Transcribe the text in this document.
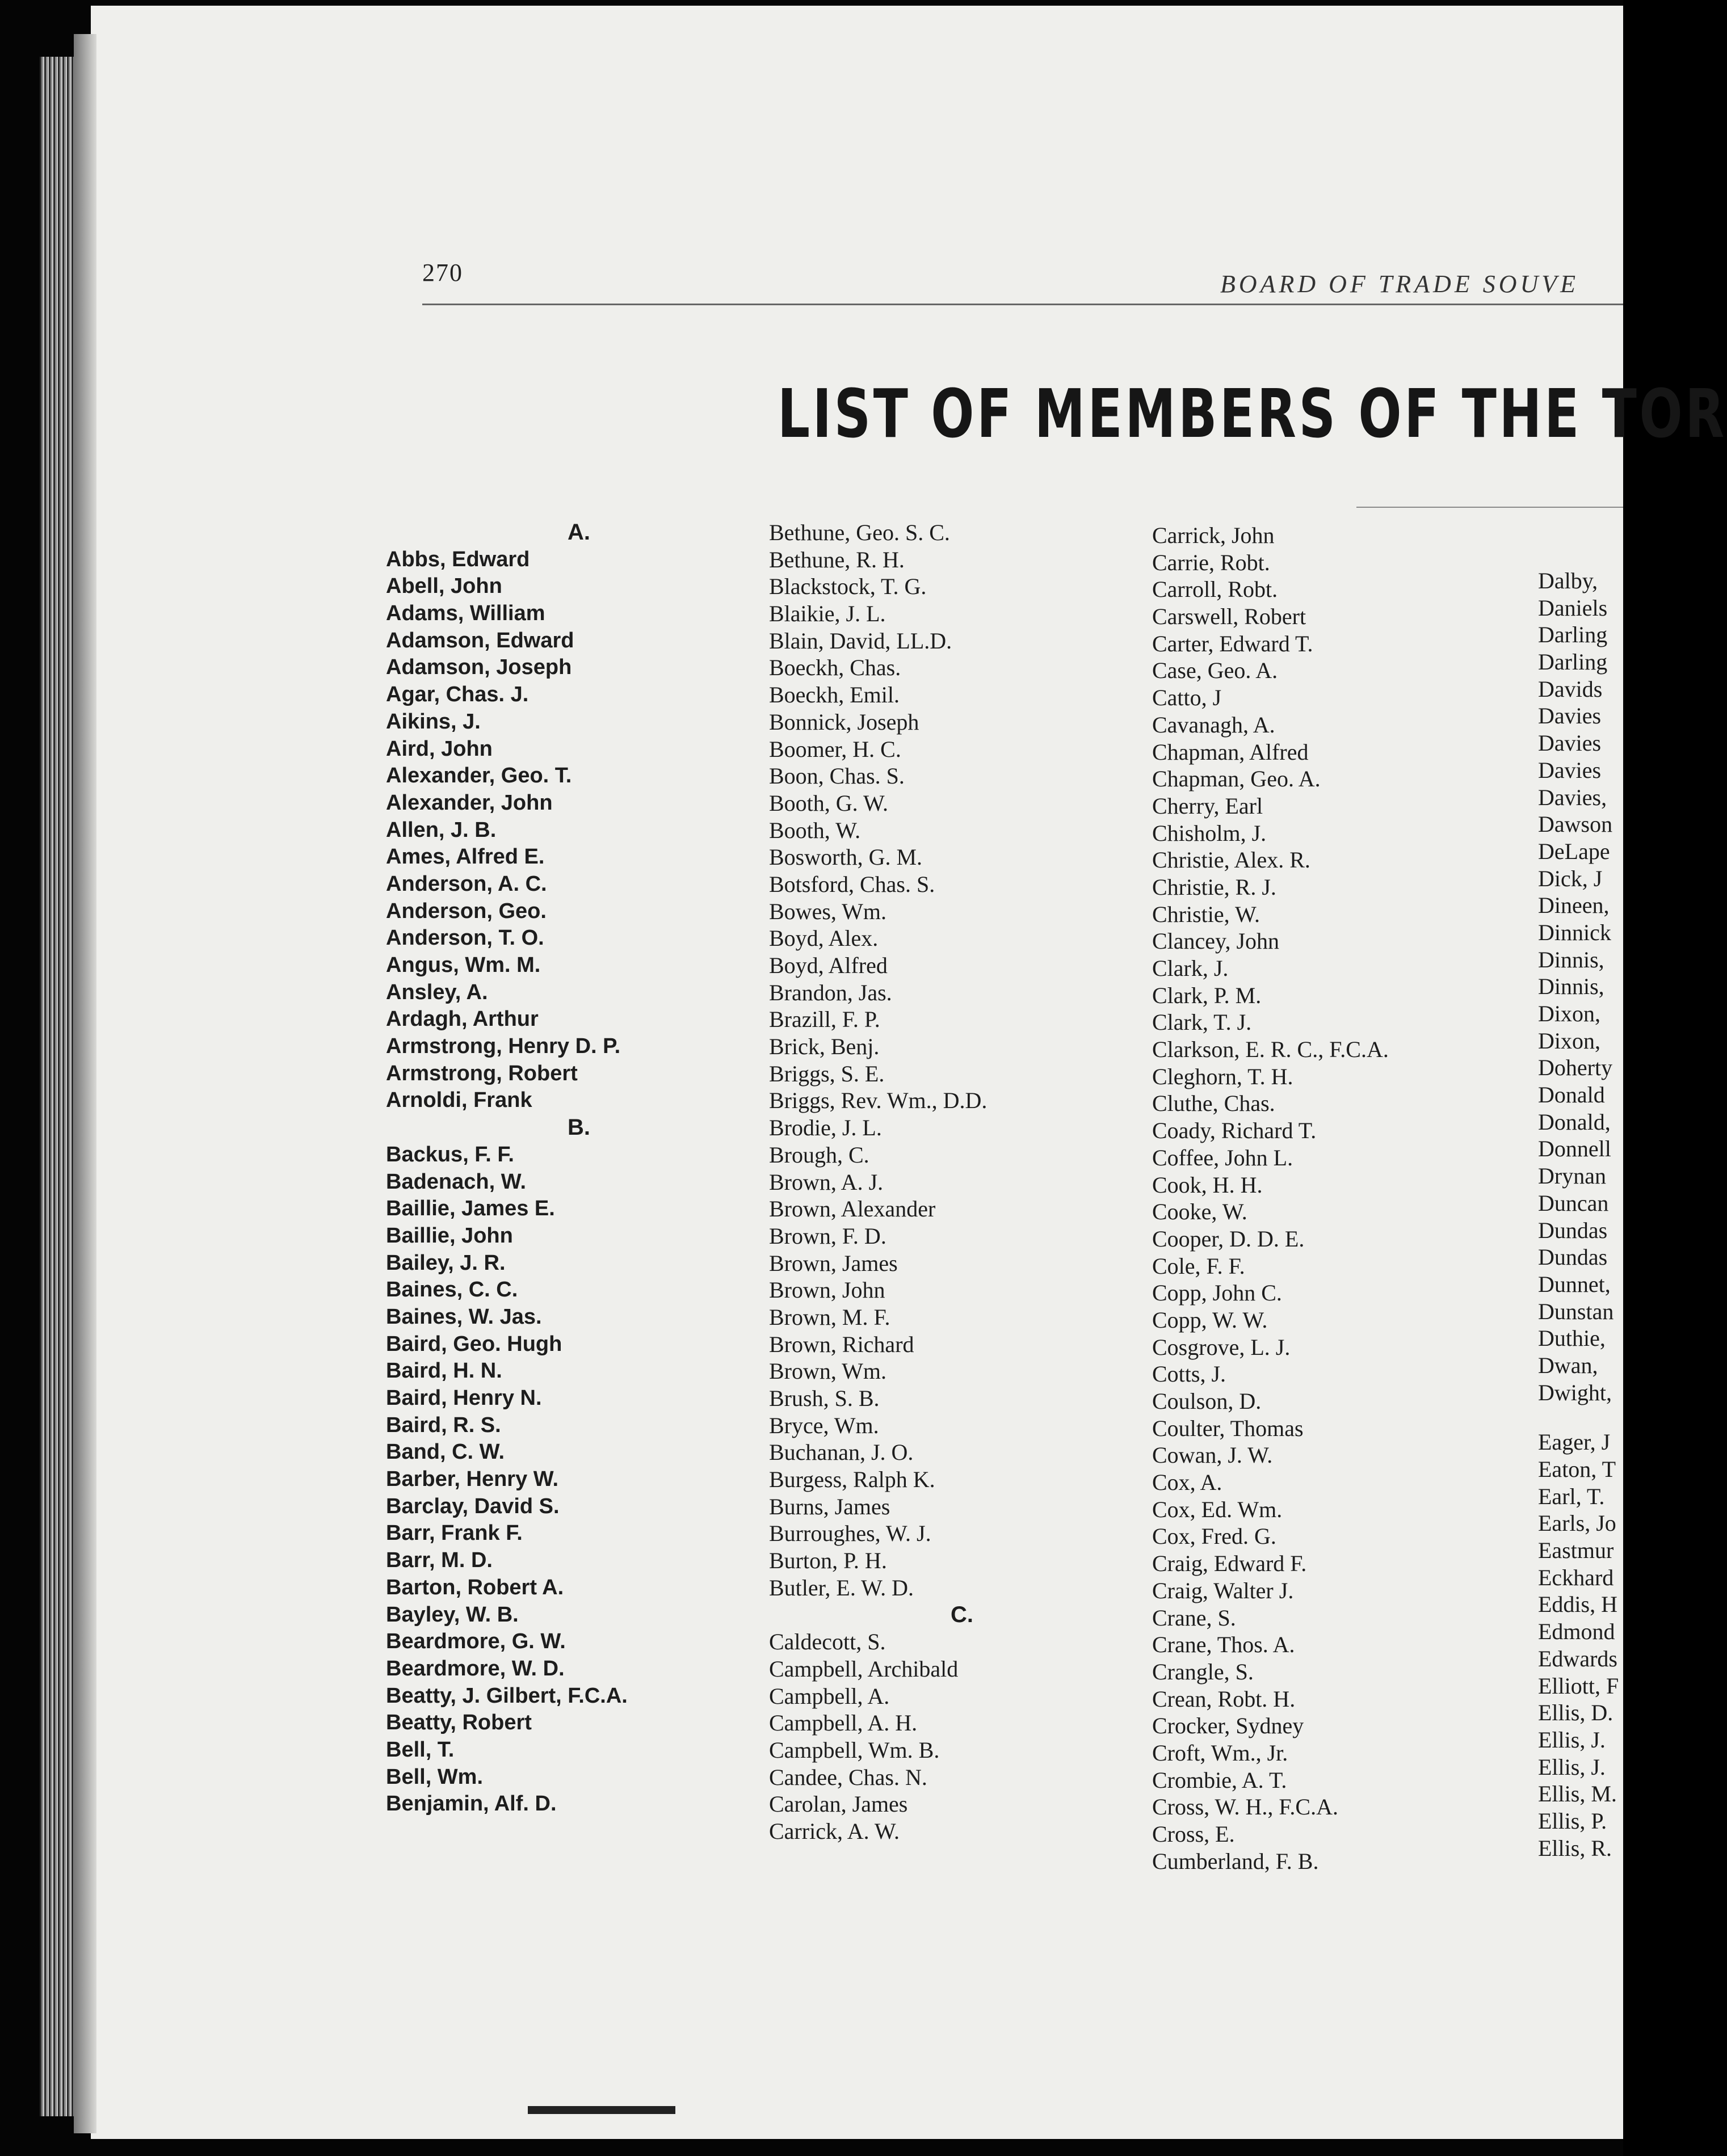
270	BOARD OF TRADE SOUVE
LIST OF MEMBERS OF THE TOR
A.
Abbs, Edward
Abell, John
Adams, William
Adamson, Edward
Adamson, Joseph
Agar, Chas. J.
Aikins, J.
Aird, John
Alexander, Geo. T.
Alexander, John
Allen, J. B.
Ames, Alfred E.
Anderson, A. C.
Anderson, Geo.
Anderson, T. O.
Angus, Wm. M.
Ansley, A.
Ardagh, Arthur
Armstrong, Henry D. P.
Armstrong, Robert
Arnoldi, Frank
B.
Backus, F. F.
Badenach, W.
Baillie, James E.
Baillie, John
Bailey, J. R.
Baines, C. C.
Baines, W. Jas.
Baird, Geo. Hugh
Baird, H. N.
Baird, Henry N.
Baird, R. S.
Band, C. W.
Barber, Henry W.
Barclay, David S.
Barr, Frank F.
Barr, M. D.
Barton, Robert A.
Bayley, W. B.
Beardmore, G. W.
Beardmore, W. D.
Beatty, J. Gilbert, F.C.A.
Beatty, Robert
Bell, T.
Bell, Wm.
Benjamin, Alf. D.
Bethune, Geo. S. C.
Bethune, R. H.
Blackstock, T. G.
Blaikie, J. L.
Blain, David, LL.D.
Boeckh, Chas.
Boeckh, Emil.
Bonnick, Joseph
Boomer, H. C.
Boon, Chas. S.
Booth, G. W.
Booth, W.
Bosworth, G. M.
Botsford, Chas. S.
Bowes, Wm.
Boyd, Alex.
Boyd, Alfred
Brandon, Jas.
Brazill, F. P.
Brick, Benj.
Briggs, S. E.
Briggs, Rev. Wm., D.D.
Brodie, J. L.
Brough, C.
Brown, A. J.
Brown, Alexander
Brown, F. D.
Brown, James
Brown, John
Brown, M. F.
Brown, Richard
Brown, Wm.
Brush, S. B.
Bryce, Wm.
Buchanan, J. O.
Burgess, Ralph K.
Burns, James
Burroughes, W. J.
Burton, P. H.
Butler, E. W. D.
C.
Caldecott, S.
Campbell, Archibald
Campbell, A.
Campbell, A. H.
Campbell, Wm. B.
Candee, Chas. N.
Carolan, James
Carrick, A. W.
Carrick, John
Carrie, Robt.
Carroll, Robt.
Carswell, Robert
Carter, Edward T.
Case, Geo. A.
Catto, J
Cavanagh, A.
Chapman, Alfred
Chapman, Geo. A.
Cherry, Earl
Chisholm, J.
Christie, Alex. R.
Christie, R. J.
Christie, W.
Clancey, John
Clark, J.
Clark, P. M.
Clark, T. J.
Clarkson, E. R. C., F.C.A.
Cleghorn, T. H.
Cluthe, Chas.
Coady, Richard T.
Coffee, John L.
Cook, H. H.
Cooke, W.
Cooper, D. D. E.
Cole, F. F.
Copp, John C.
Copp, W. W.
Cosgrove, L. J.
Cotts, J.
Coulson, D.
Coulter, Thomas
Cowan, J. W.
Cox, A.
Cox, Ed. Wm.
Cox, Fred. G.
Craig, Edward F.
Craig, Walter J.
Crane, S.
Crane, Thos. A.
Crangle, S.
Crean, Robt. H.
Crocker, Sydney
Croft, Wm., Jr.
Crombie, A. T.
Cross, W. H., F.C.A.
Cross, E.
Cumberland, F. B.
Dalby,
Daniels
Darling
Darling
Davids
Davies
Davies
Davies
Davies,
Dawson
DeLape
Dick, J
Dineen,
Dinnick
Dinnis,
Dinnis,
Dixon,
Dixon,
Doherty
Donald
Donald,
Donnell
Drynan
Duncan
Dundas
Dundas
Dunnet,
Dunstan
Duthie,
Dwan,
Dwight,
Eager, J
Eaton, T
Earl, T.
Earls, Jo
Eastmur
Eckhard
Eddis, H
Edmond
Edwards
Elliott, F
Ellis, D.
Ellis, J.
Ellis, J.
Ellis, M.
Ellis, P.
Ellis, R.
